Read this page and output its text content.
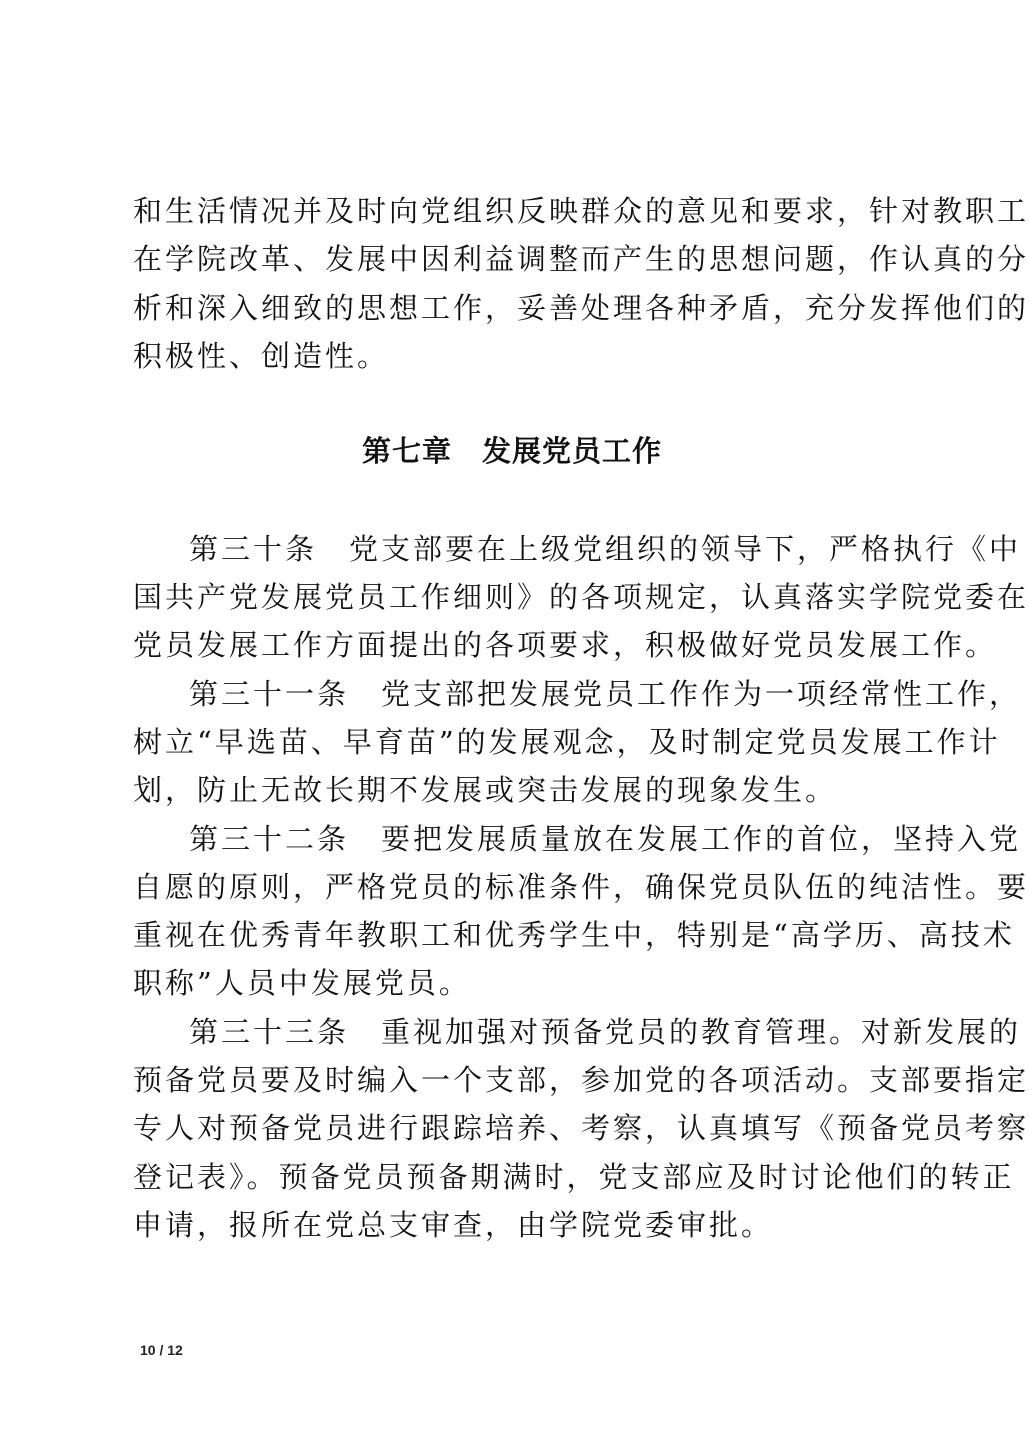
和生活情况并及时向党组织反映群众的意见和要求，针对教职工
在学院改革、发展中因利益调整而产生的思想问题，作认真的分
析和深入细致的思想工作，妥善处理各种矛盾，充分发挥他们的
积极性、创造性。
第七章　发展党员工作
第三十条　党支部要在上级党组织的领导下，严格执行《中
国共产党发展党员工作细则》的各项规定，认真落实学院党委在
党员发展工作方面提出的各项要求，积极做好党员发展工作。
第三十一条　党支部把发展党员工作作为一项经常性工作，
树立“早选苗、早育苗”的发展观念，及时制定党员发展工作计
划，防止无故长期不发展或突击发展的现象发生。
第三十二条　要把发展质量放在发展工作的首位，坚持入党
自愿的原则，严格党员的标准条件，确保党员队伍的纯洁性。要
重视在优秀青年教职工和优秀学生中，特别是“高学历、高技术
职称”人员中发展党员。
第三十三条　重视加强对预备党员的教育管理。对新发展的
预备党员要及时编入一个支部，参加党的各项活动。支部要指定
专人对预备党员进行跟踪培养、考察，认真填写《预备党员考察
登记表》。预备党员预备期满时，党支部应及时讨论他们的转正
申请，报所在党总支审查，由学院党委审批。
10 / 12
